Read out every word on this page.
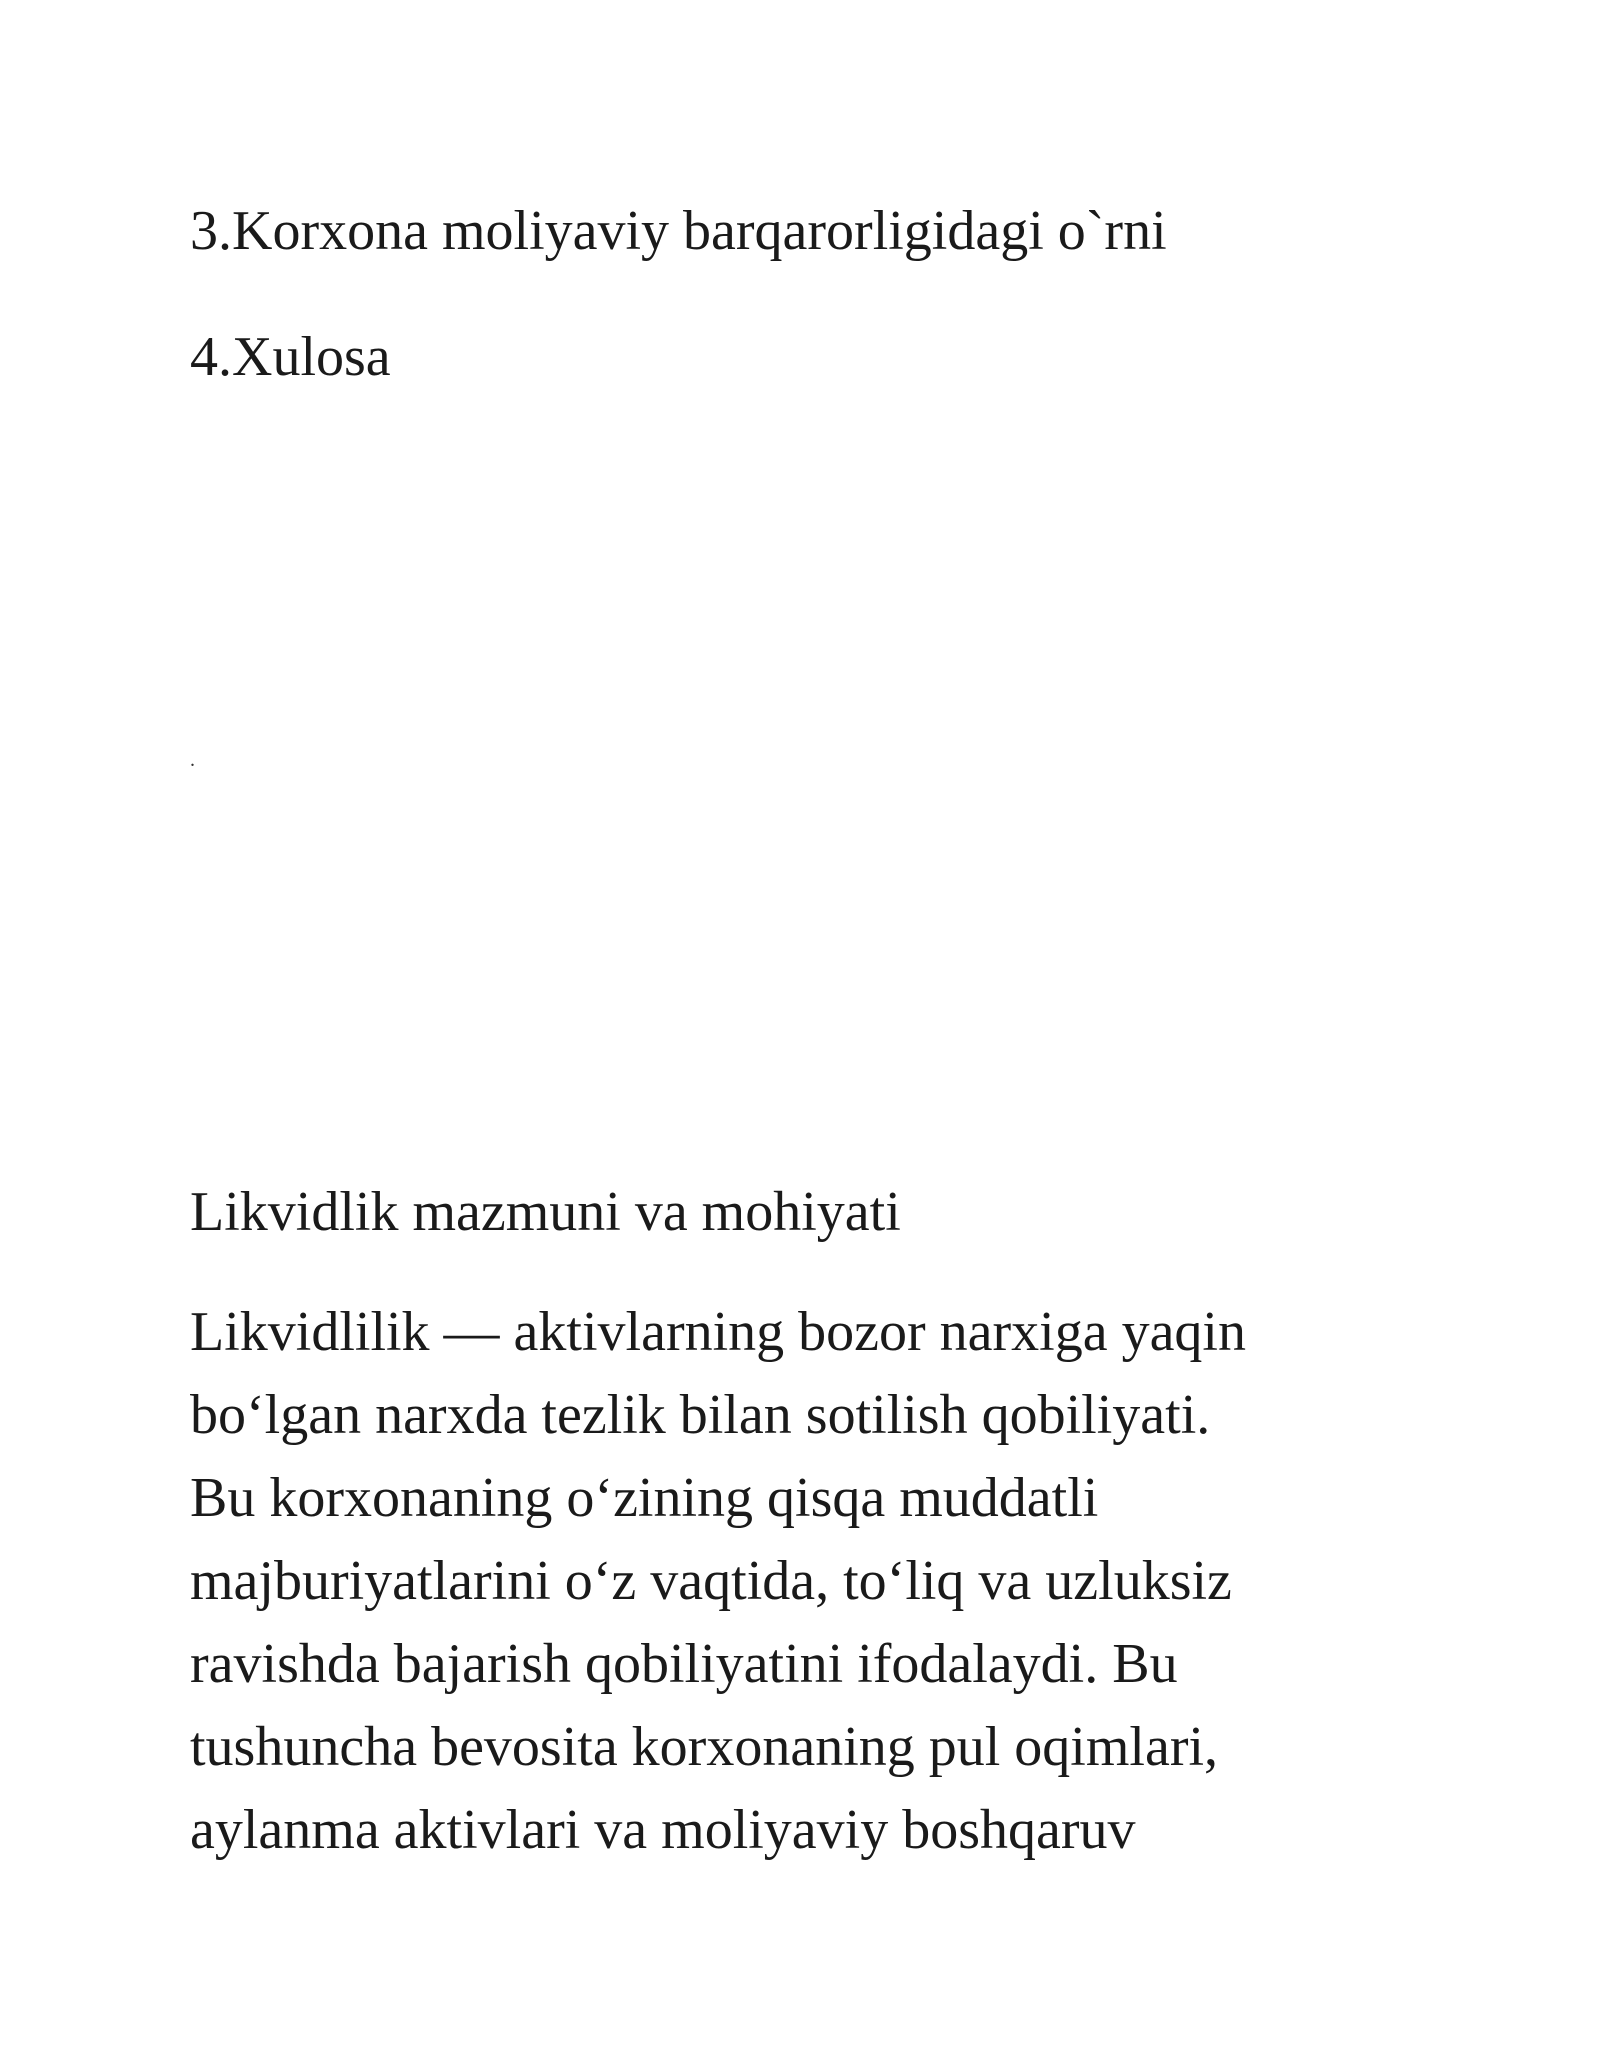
3.Korxona moliyaviy barqarorligidagi o`rni

4.Xulosa

.
Likvidlik mazmuni va mohiyati
Likvidlilik — aktivlarning bozor narxiga yaqin
bo‘lgan narxda tezlik bilan sotilish qobiliyati.
Bu korxonaning o‘zining qisqa muddatli
majburiyatlarini o‘z vaqtida, to‘liq va uzluksiz
ravishda bajarish qobiliyatini ifodalaydi. Bu
tushuncha bevosita korxonaning pul oqimlari,
aylanma aktivlari va moliyaviy boshqaruv
